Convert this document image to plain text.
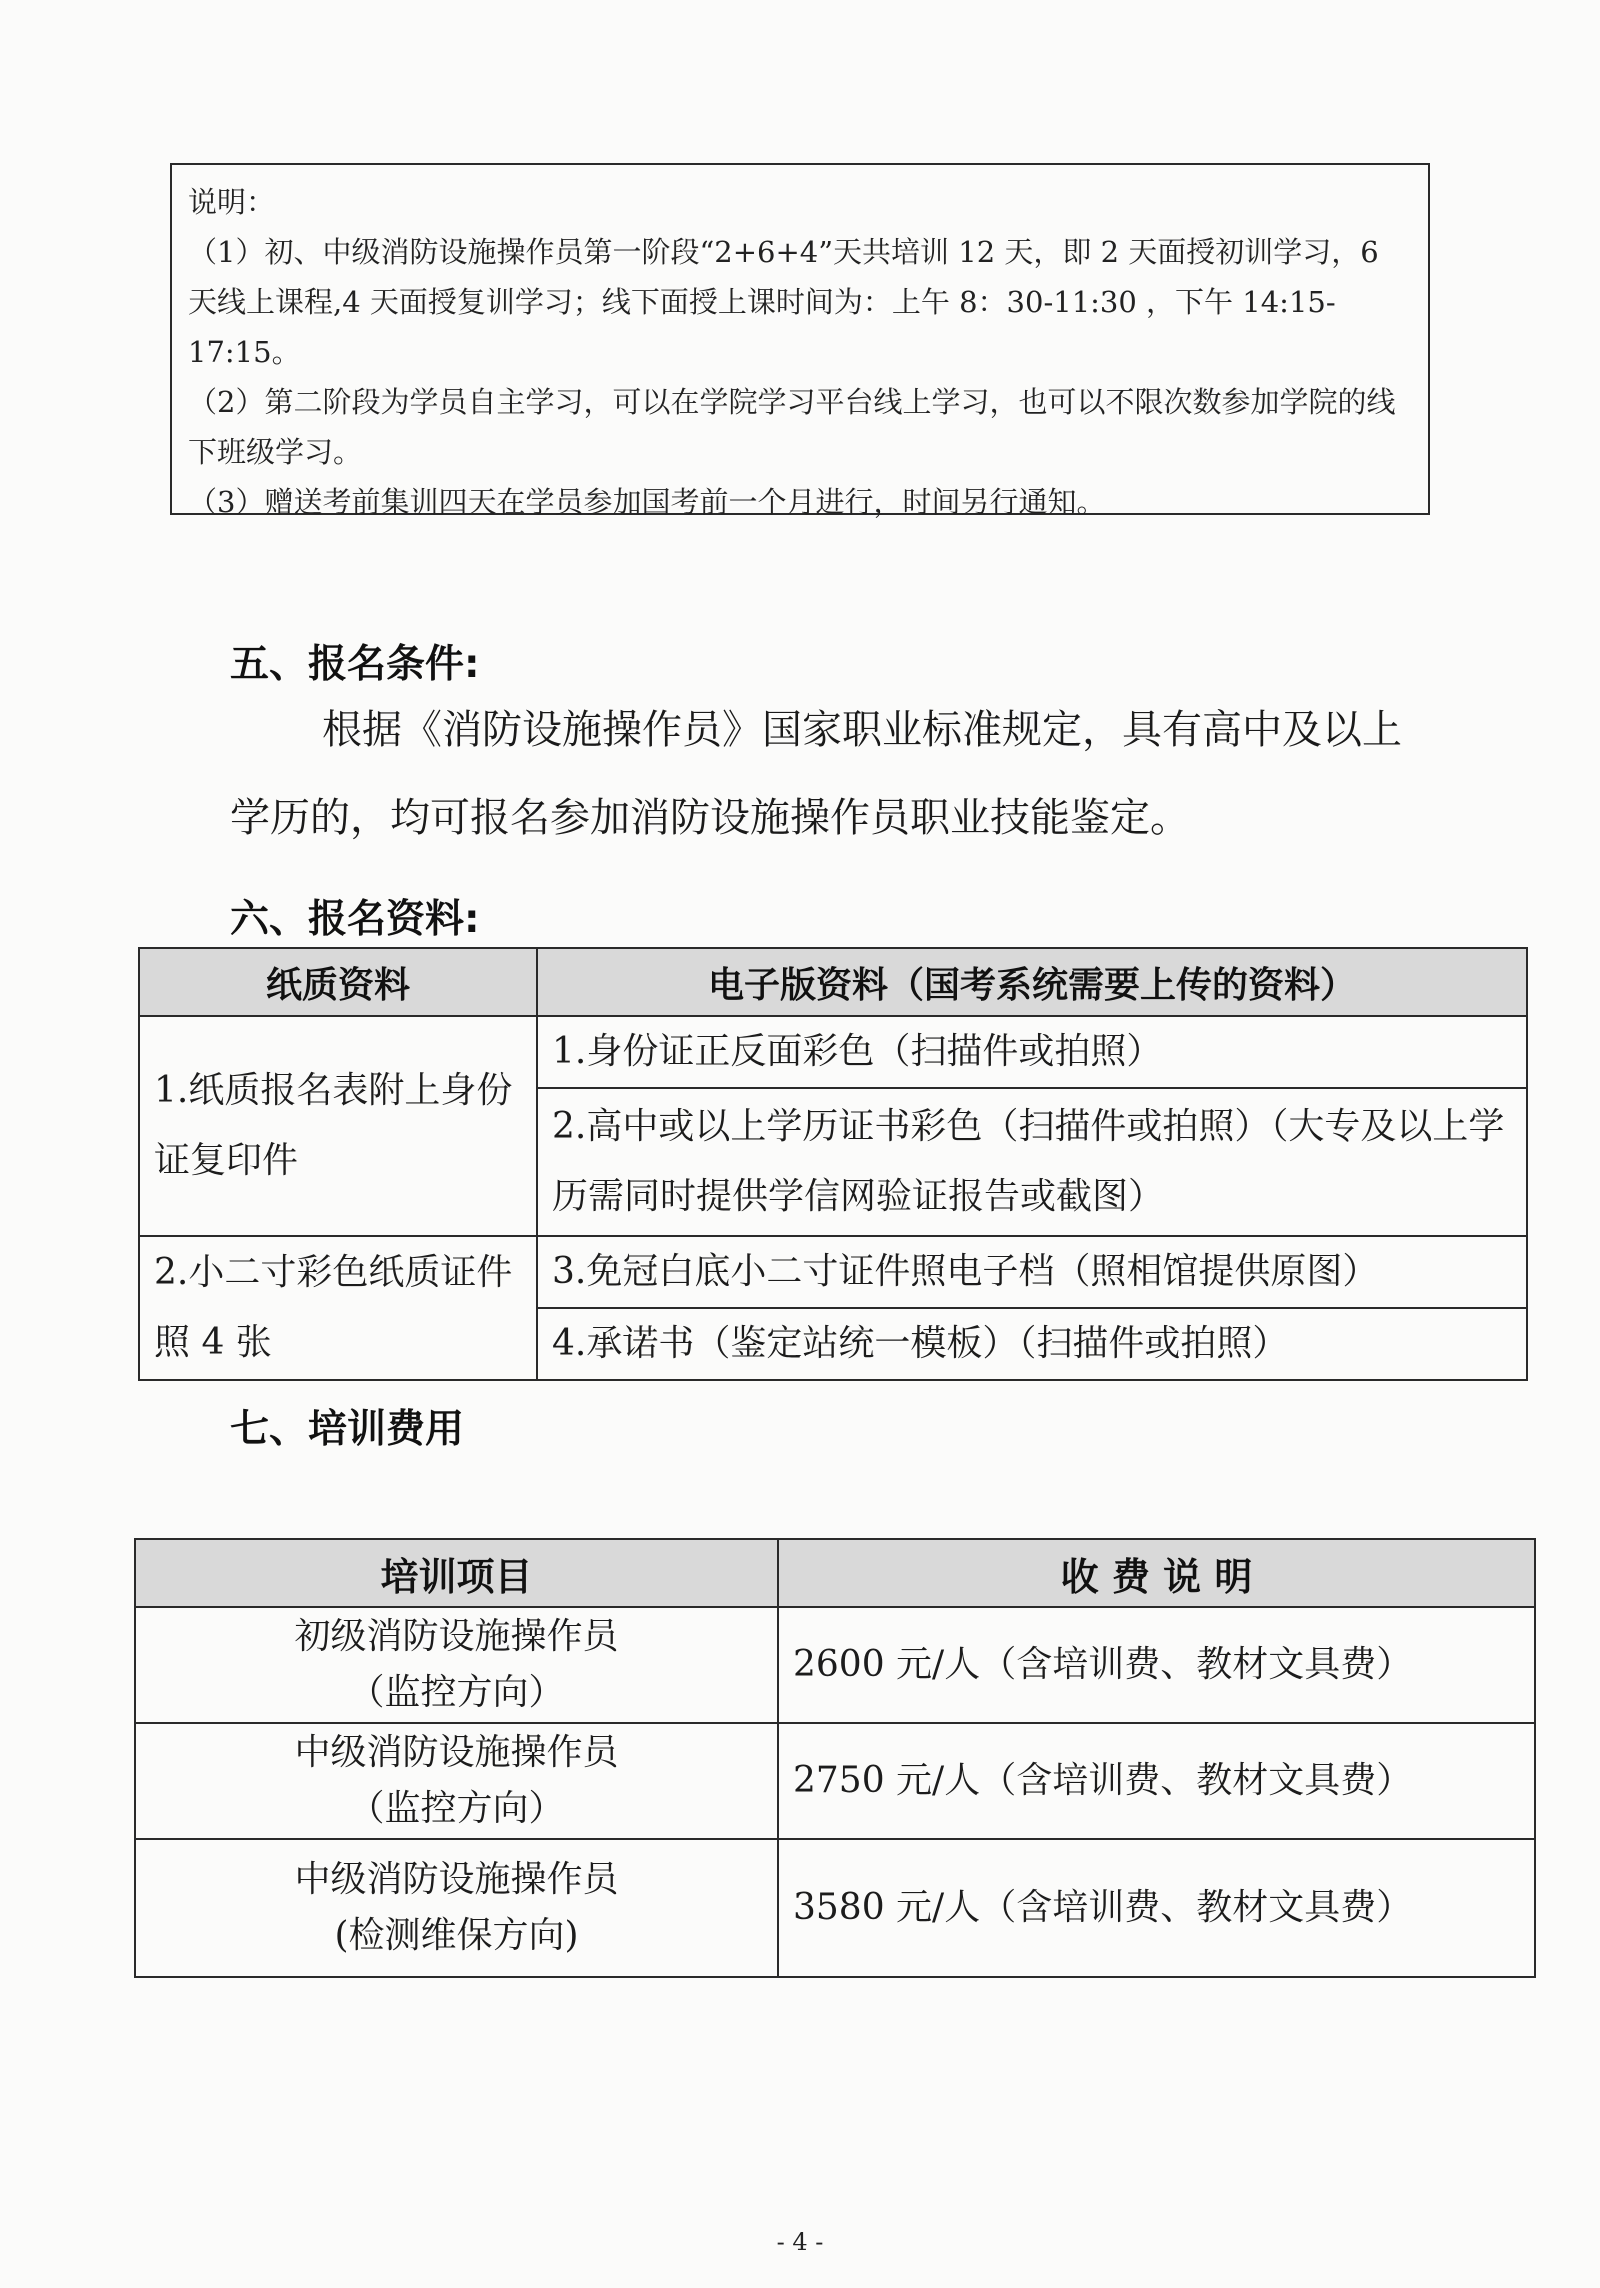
说明：

（1）初、中级消防设施操作员第一阶段“2+6+4”天共培训 12 天，即 2 天面授初训学习，6 天线上课程,4 天面授复训学习；线下面授上课时间为：上午 8：30-11:30 ，下午 14:15-17:15。

（2）第二阶段为学员自主学习，可以在学院学习平台线上学习，也可以不限次数参加学院的线下班级学习。

（3）赠送考前集训四天在学员参加国考前一个月进行，时间另行通知。

五、报名条件:
根据《消防设施操作员》国家职业标准规定，具有高中及以上学历的，均可报名参加消防设施操作员职业技能鉴定。
六、报名资料:
纸质资料	电子版资料（国考系统需要上传的资料）
1.纸质报名表附上身份证复印件	1.身份证正反面彩色（扫描件或拍照）
	2.高中或以上学历证书彩色（扫描件或拍照）（大专及以上学历需同时提供学信网验证报告或截图）
2.小二寸彩色纸质证件照 4 张	3.免冠白底小二寸证件照电子档（照相馆提供原图）
	4.承诺书（鉴定站统一模板）（扫描件或拍照）
七、培训费用
培训项目	收 费 说 明

初级消防设施操作员
（监控方向）	2600 元/人（含培训费、教材文具费）

中级消防设施操作员
（监控方向）	2750 元/人（含培训费、教材文具费）

中级消防设施操作员
(检测维保方向)	3580 元/人（含培训费、教材文具费）
- 4 -
